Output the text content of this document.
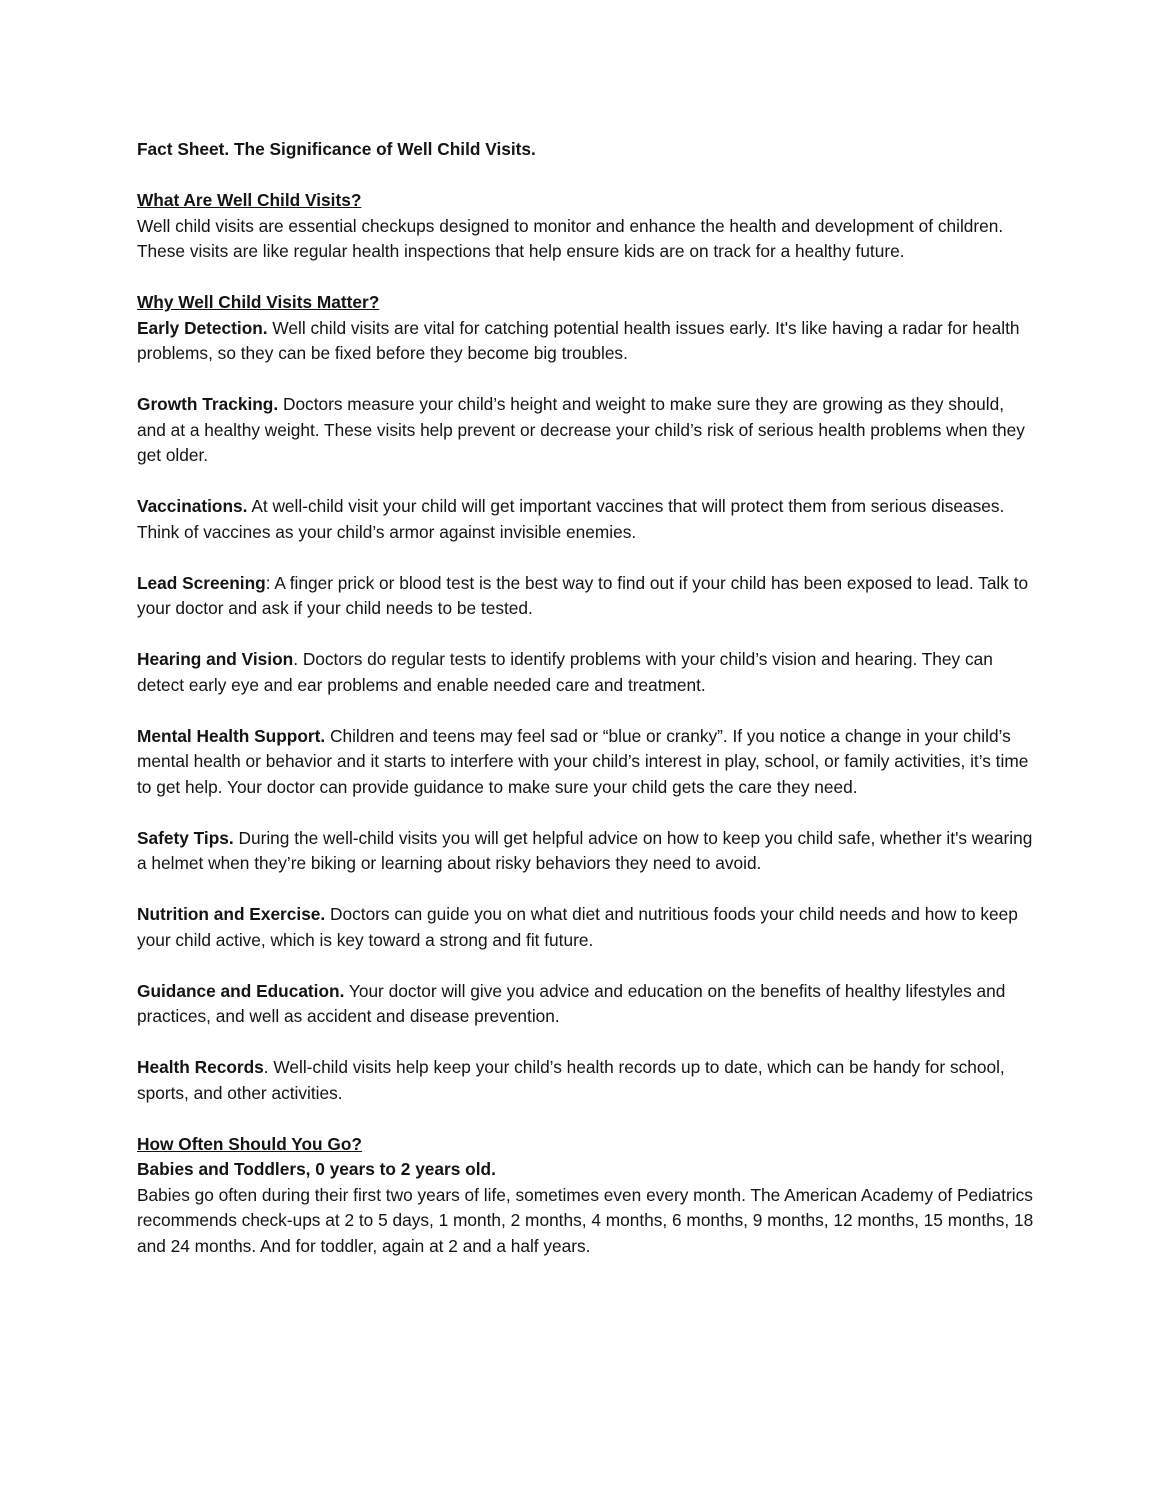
Fact Sheet. The Significance of Well Child Visits.

What Are Well Child Visits?

Well child visits are essential checkups designed to monitor and enhance the health and development of children. These visits are like regular health inspections that help ensure kids are on track for a healthy future.

Why Well Child Visits Matter?

Early Detection. Well child visits are vital for catching potential health issues early. It's like having a radar for health problems, so they can be fixed before they become big troubles.

Growth Tracking. Doctors measure your child’s height and weight to make sure they are growing as they should, and at a healthy weight. These visits help prevent or decrease your child’s risk of serious health problems when they get older.

Vaccinations. At well-child visit your child will get important vaccines that will protect them from serious diseases. Think of vaccines as your child’s armor against invisible enemies.

Lead Screening: A finger prick or blood test is the best way to find out if your child has been exposed to lead. Talk to your doctor and ask if your child needs to be tested.

Hearing and Vision. Doctors do regular tests to identify problems with your child’s vision and hearing. They can detect early eye and ear problems and enable needed care and treatment.

Mental Health Support. Children and teens may feel sad or “blue or cranky”. If you notice a change in your child’s mental health or behavior and it starts to interfere with your child’s interest in play, school, or family activities, it’s time to get help. Your doctor can provide guidance to make sure your child gets the care they need.

Safety Tips. During the well-child visits you will get helpful advice on how to keep you child safe, whether it's wearing a helmet when they’re biking or learning about risky behaviors they need to avoid.

Nutrition and Exercise. Doctors can guide you on what diet and nutritious foods your child needs and how to keep your child active, which is key toward a strong and fit future.

Guidance and Education. Your doctor will give you advice and education on the benefits of healthy lifestyles and practices, and well as accident and disease prevention.

Health Records. Well-child visits help keep your child’s health records up to date, which can be handy for school, sports, and other activities.

How Often Should You Go?

Babies and Toddlers, 0 years to 2 years old.

Babies go often during their first two years of life, sometimes even every month. The American Academy of Pediatrics recommends check-ups at 2 to 5 days, 1 month, 2 months, 4 months, 6 months, 9 months, 12 months, 15 months, 18 and 24 months. And for toddler, again at 2 and a half years.
